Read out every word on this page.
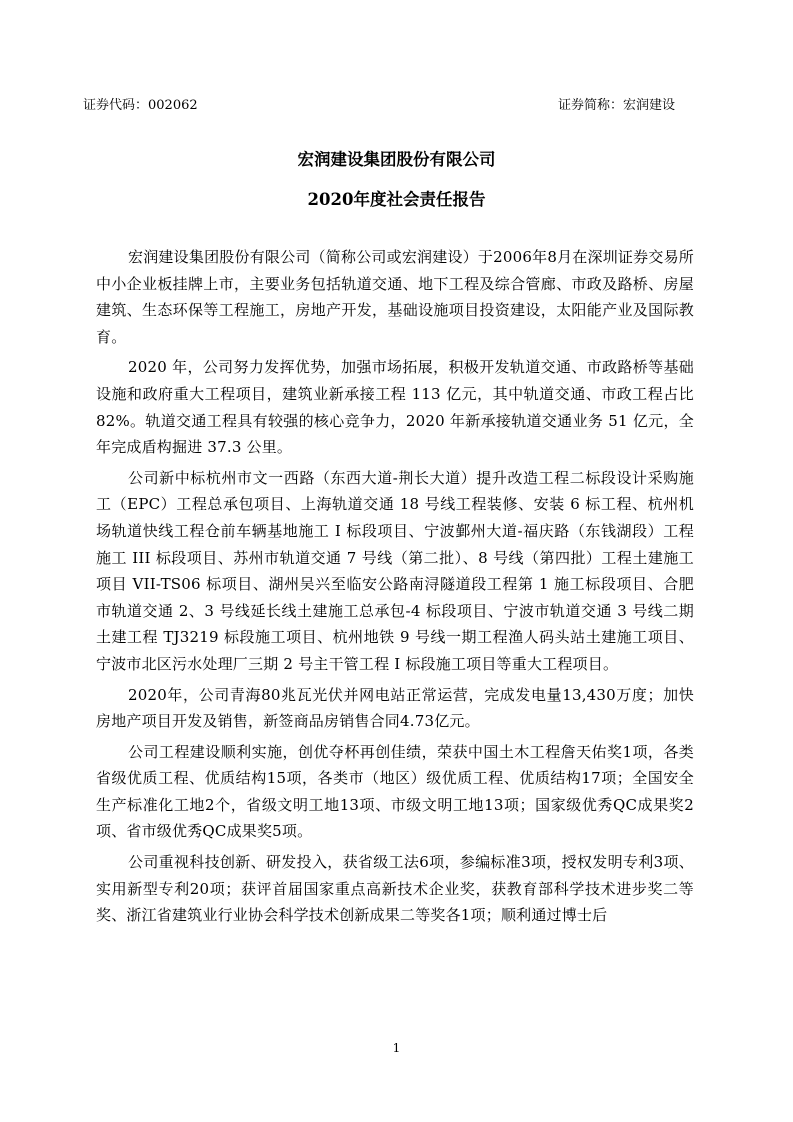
证券代码：002062	证券简称：宏润建设
宏润建设集团股份有限公司
2020年度社会责任报告

宏润建设集团股份有限公司（简称公司或宏润建设）于2006年8月在深圳证券交易所中小企业板挂牌上市，主要业务包括轨道交通、地下工程及综合管廊、市政及路桥、房屋建筑、生态环保等工程施工，房地产开发，基础设施项目投资建设，太阳能产业及国际教育。

2020 年，公司努力发挥优势，加强市场拓展，积极开发轨道交通、市政路桥等基础设施和政府重大工程项目，建筑业新承接工程 113 亿元，其中轨道交通、市政工程占比 82%。轨道交通工程具有较强的核心竞争力，2020 年新承接轨道交通业务 51 亿元，全年完成盾构掘进 37.3 公里。

公司新中标杭州市文一西路（东西大道-荆长大道）提升改造工程二标段设计采购施工（EPC）工程总承包项目、上海轨道交通 18 号线工程装修、安装 6 标工程、杭州机场轨道快线工程仓前车辆基地施工 I 标段项目、宁波鄞州大道-福庆路（东钱湖段）工程施工 III 标段项目、苏州市轨道交通 7 号线（第二批）、8 号线（第四批）工程土建施工项目 VII-TS06 标项目、湖州吴兴至临安公路南浔隧道段工程第 1 施工标段项目、合肥市轨道交通 2、3 号线延长线土建施工总承包-4 标段项目、宁波市轨道交通 3 号线二期土建工程 TJ3219 标段施工项目、杭州地铁 9 号线一期工程渔人码头站土建施工项目、宁波市北区污水处理厂三期 2 号主干管工程 I 标段施工项目等重大工程项目。

2020年，公司青海80兆瓦光伏并网电站正常运营，完成发电量13,430万度；加快房地产项目开发及销售，新签商品房销售合同4.73亿元。

公司工程建设顺利实施，创优夺杯再创佳绩，荣获中国土木工程詹天佑奖1项，各类省级优质工程、优质结构15项，各类市（地区）级优质工程、优质结构17项；全国安全生产标准化工地2个，省级文明工地13项、市级文明工地13项；国家级优秀QC成果奖2项、省市级优秀QC成果奖5项。

公司重视科技创新、研发投入，获省级工法6项，参编标准3项，授权发明专利3项、实用新型专利20项；获评首届国家重点高新技术企业奖，获教育部科学技术进步奖二等奖、浙江省建筑业行业协会科学技术创新成果二等奖各1项；顺利通过博士后

1
